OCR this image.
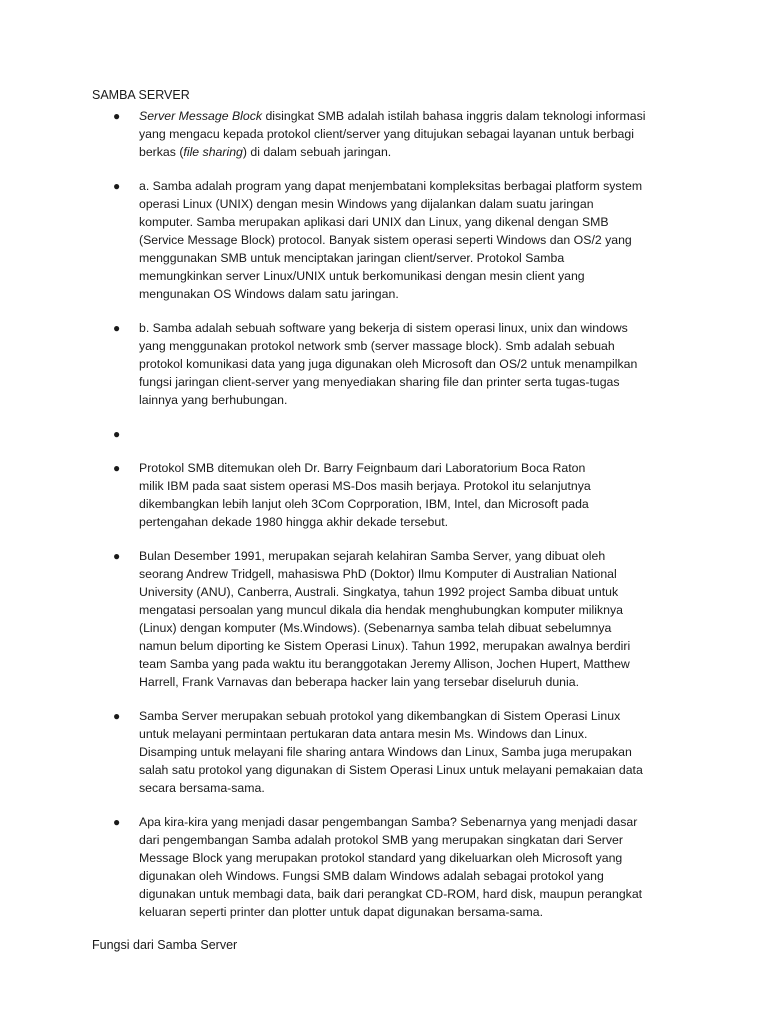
SAMBA SERVER
● Server Message Block disingkat SMB adalah istilah bahasa inggris dalam teknologi informasi
yang mengacu kepada protokol client/server yang ditujukan sebagai layanan untuk berbagi
berkas (file sharing) di dalam sebuah jaringan.
● a. Samba adalah program yang dapat menjembatani kompleksitas berbagai platform system
operasi Linux (UNIX) dengan mesin Windows yang dijalankan dalam suatu jaringan
komputer. Samba merupakan aplikasi dari UNIX dan Linux, yang dikenal dengan SMB
(Service Message Block) protocol. Banyak sistem operasi seperti Windows dan OS/2 yang
menggunakan SMB untuk menciptakan jaringan client/server. Protokol Samba
memungkinkan server Linux/UNIX untuk berkomunikasi dengan mesin client yang
mengunakan OS Windows dalam satu jaringan.
● b. Samba adalah sebuah software yang bekerja di sistem operasi linux, unix dan windows
yang menggunakan protokol network smb (server massage block). Smb adalah sebuah
protokol komunikasi data yang juga digunakan oleh Microsoft dan OS/2 untuk menampilkan
fungsi jaringan client-server yang menyediakan sharing file dan printer serta tugas-tugas
lainnya yang berhubungan.
●
● Protokol SMB ditemukan oleh Dr. Barry Feignbaum dari Laboratorium Boca Raton
milik IBM pada saat sistem operasi MS-Dos masih berjaya. Protokol itu selanjutnya
dikembangkan lebih lanjut oleh 3Com Coprporation, IBM, Intel, dan Microsoft pada
pertengahan dekade 1980 hingga akhir dekade tersebut.
● Bulan Desember 1991, merupakan sejarah kelahiran Samba Server, yang dibuat oleh
seorang Andrew Tridgell, mahasiswa PhD (Doktor) Ilmu Komputer di Australian National
University (ANU), Canberra, Australi. Singkatya, tahun 1992 project Samba dibuat untuk
mengatasi persoalan yang muncul dikala dia hendak menghubungkan komputer miliknya
(Linux) dengan komputer (Ms.Windows). (Sebenarnya samba telah dibuat sebelumnya
namun belum diporting ke Sistem Operasi Linux). Tahun 1992, merupakan awalnya berdiri
team Samba yang pada waktu itu beranggotakan Jeremy Allison, Jochen Hupert, Matthew
Harrell, Frank Varnavas dan beberapa hacker lain yang tersebar diseluruh dunia.
● Samba Server merupakan sebuah protokol yang dikembangkan di Sistem Operasi Linux
untuk melayani permintaan pertukaran data antara mesin Ms. Windows dan Linux.
Disamping untuk melayani file sharing antara Windows dan Linux, Samba juga merupakan
salah satu protokol yang digunakan di Sistem Operasi Linux untuk melayani pemakaian data
secara bersama-sama.
● Apa kira-kira yang menjadi dasar pengembangan Samba? Sebenarnya yang menjadi dasar
dari pengembangan Samba adalah protokol SMB yang merupakan singkatan dari Server
Message Block yang merupakan protokol standard yang dikeluarkan oleh Microsoft yang
digunakan oleh Windows. Fungsi SMB dalam Windows adalah sebagai protokol yang
digunakan untuk membagi data, baik dari perangkat CD-ROM, hard disk, maupun perangkat
keluaran seperti printer dan plotter untuk dapat digunakan bersama-sama.
Fungsi dari Samba Server
